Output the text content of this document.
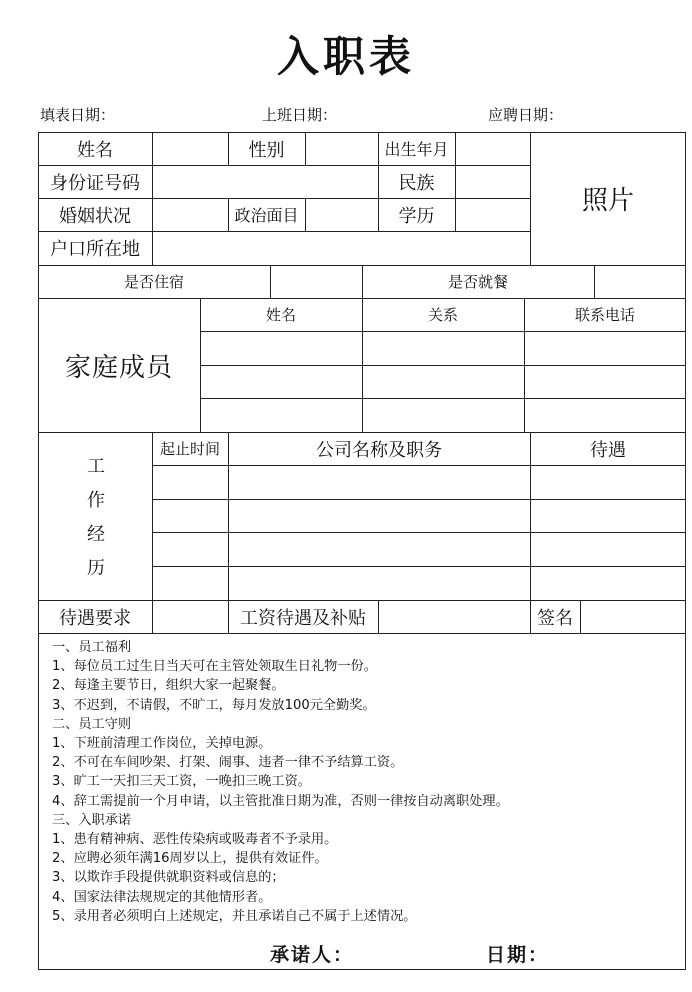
入职表
填表日期：	上班日期：	应聘日期：
姓名	性别	出生年月
照片
身份证号码	民族
婚姻状况	政治面目	学历
户口所在地
是否住宿	是否就餐
家庭成员
姓名	关系	联系电话
工
作
经
历
起止时间	公司名称及职务	待遇
待遇要求	工资待遇及补贴	签名
一、员工福利
1、每位员工过生日当天可在主管处领取生日礼物一份。
2、每逢主要节日，组织大家一起聚餐。
3、不迟到，不请假，不旷工，每月发放100元全勤奖。
二、员工守则
1、下班前清理工作岗位，关掉电源。
2、不可在车间吵架、打架、闹事、违者一律不予结算工资。
3、旷工一天扣三天工资，一晚扣三晚工资。
4、辞工需提前一个月申请，以主管批准日期为准，否则一律按自动离职处理。
三、入职承诺
1、患有精神病、恶性传染病或吸毒者不予录用。
2、应聘必须年满16周岁以上，提供有效证件。
3、以欺诈手段提供就职资料或信息的；
4、国家法律法规规定的其他情形者。
5、录用者必须明白上述规定，并且承诺自己不属于上述情况。
承诺人：	日期：
